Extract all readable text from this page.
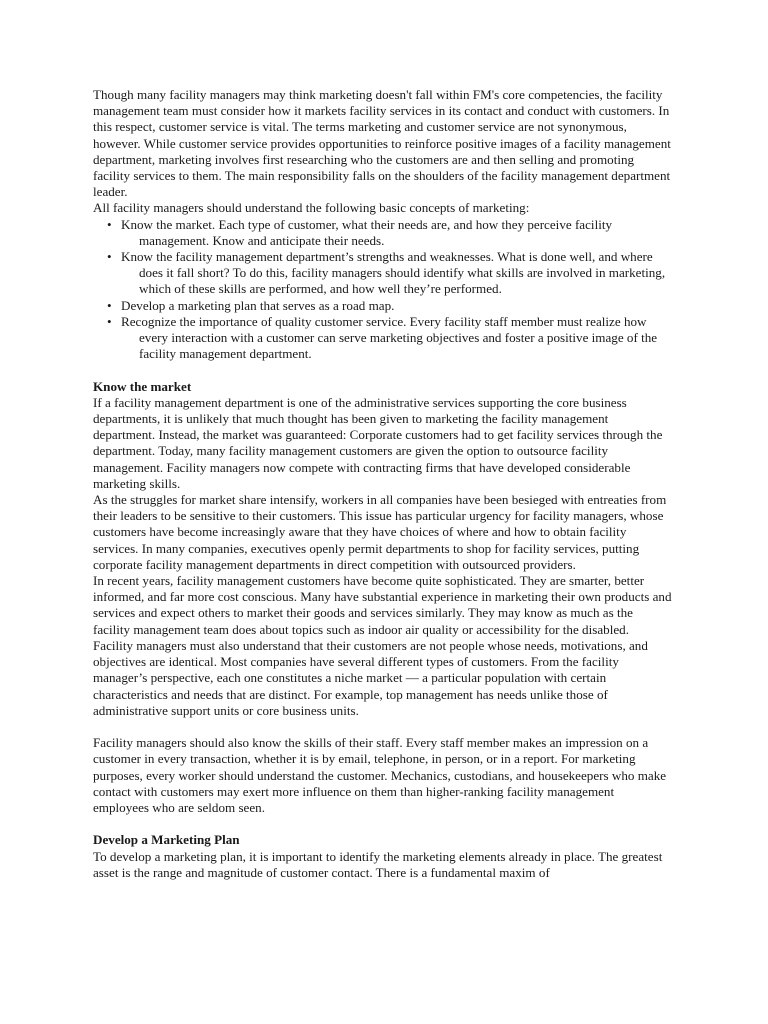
Though many facility managers may think marketing doesn't fall within FM's core competencies, the facility management team must consider how it markets facility services in its contact and conduct with customers. In this respect, customer service is vital. The terms marketing and customer service are not synonymous, however. While customer service provides opportunities to reinforce positive images of a facility management department, marketing involves first researching who the customers are and then selling and promoting facility services to them. The main responsibility falls on the shoulders of the facility management department leader.

All facility managers should understand the following basic concepts of marketing:

• Know the market. Each type of customer, what their needs are, and how they perceive facility management. Know and anticipate their needs.
• Know the facility management department’s strengths and weaknesses. What is done well, and where does it fall short? To do this, facility managers should identify what skills are involved in marketing, which of these skills are performed, and how well they’re performed.
• Develop a marketing plan that serves as a road map.
• Recognize the importance of quality customer service. Every facility staff member must realize how every interaction with a customer can serve marketing objectives and foster a positive image of the facility management department.
Know the market

If a facility management department is one of the administrative services supporting the core business departments, it is unlikely that much thought has been given to marketing the facility management department. Instead, the market was guaranteed: Corporate customers had to get facility services through the department. Today, many facility management customers are given the option to outsource facility management. Facility managers now compete with contracting firms that have developed considerable marketing skills.

As the struggles for market share intensify, workers in all companies have been besieged with entreaties from their leaders to be sensitive to their customers. This issue has particular urgency for facility managers, whose customers have become increasingly aware that they have choices of where and how to obtain facility services. In many companies, executives openly permit departments to shop for facility services, putting corporate facility management departments in direct competition with outsourced providers.

In recent years, facility management customers have become quite sophisticated. They are smarter, better informed, and far more cost conscious. Many have substantial experience in marketing their own products and services and expect others to market their goods and services similarly. They may know as much as the facility management team does about topics such as indoor air quality or accessibility for the disabled.

Facility managers must also understand that their customers are not people whose needs, motivations, and objectives are identical. Most companies have several different types of customers. From the facility manager’s perspective, each one constitutes a niche market — a particular population with certain characteristics and needs that are distinct. For example, top management has needs unlike those of administrative support units or core business units.

Facility managers should also know the skills of their staff. Every staff member makes an impression on a customer in every transaction, whether it is by email, telephone, in person, or in a report. For marketing purposes, every worker should understand the customer. Mechanics, custodians, and housekeepers who make contact with customers may exert more influence on them than higher-ranking facility management employees who are seldom seen.

Develop a Marketing Plan

To develop a marketing plan, it is important to identify the marketing elements already in place. The greatest asset is the range and magnitude of customer contact. There is a fundamental maxim of
